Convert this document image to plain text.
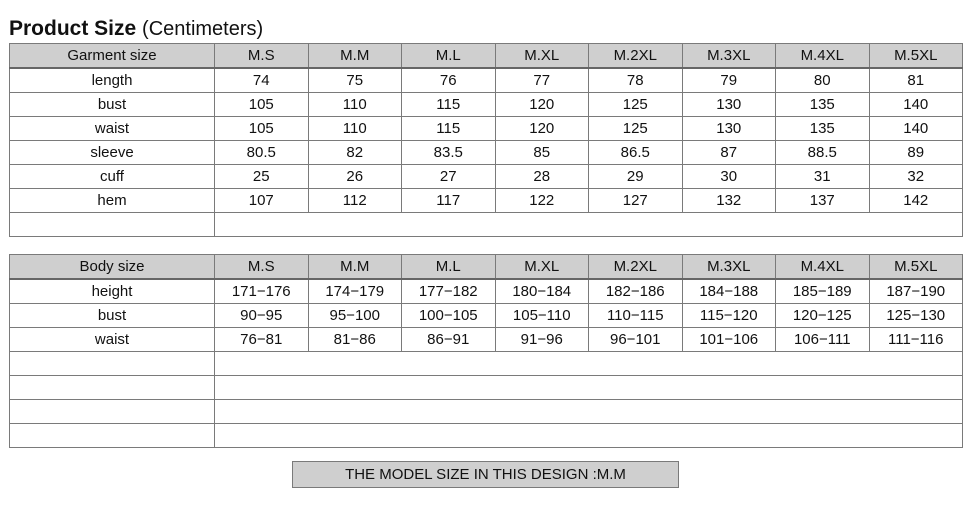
Product Size (Centimeters)
Garment size	M.S	M.M	M.L	M.XL	M.2XL	M.3XL	M.4XL	M.5XL
length	74	75	76	77	78	79	80	81
bust	105	110	115	120	125	130	135	140
waist	105	110	115	120	125	130	135	140
sleeve	80.5	82	83.5	85	86.5	87	88.5	89
cuff	25	26	27	28	29	30	31	32
hem	107	112	117	122	127	132	137	142

Body size	M.S	M.M	M.L	M.XL	M.2XL	M.3XL	M.4XL	M.5XL
height	171−176	174−179	177−182	180−184	182−186	184−188	185−189	187−190
bust	90−95	95−100	100−105	105−110	110−115	115−120	120−125	125−130
waist	76−81	81−86	86−91	91−96	96−101	101−106	106−111	111−116

THE MODEL SIZE IN THIS DESIGN :M.M
